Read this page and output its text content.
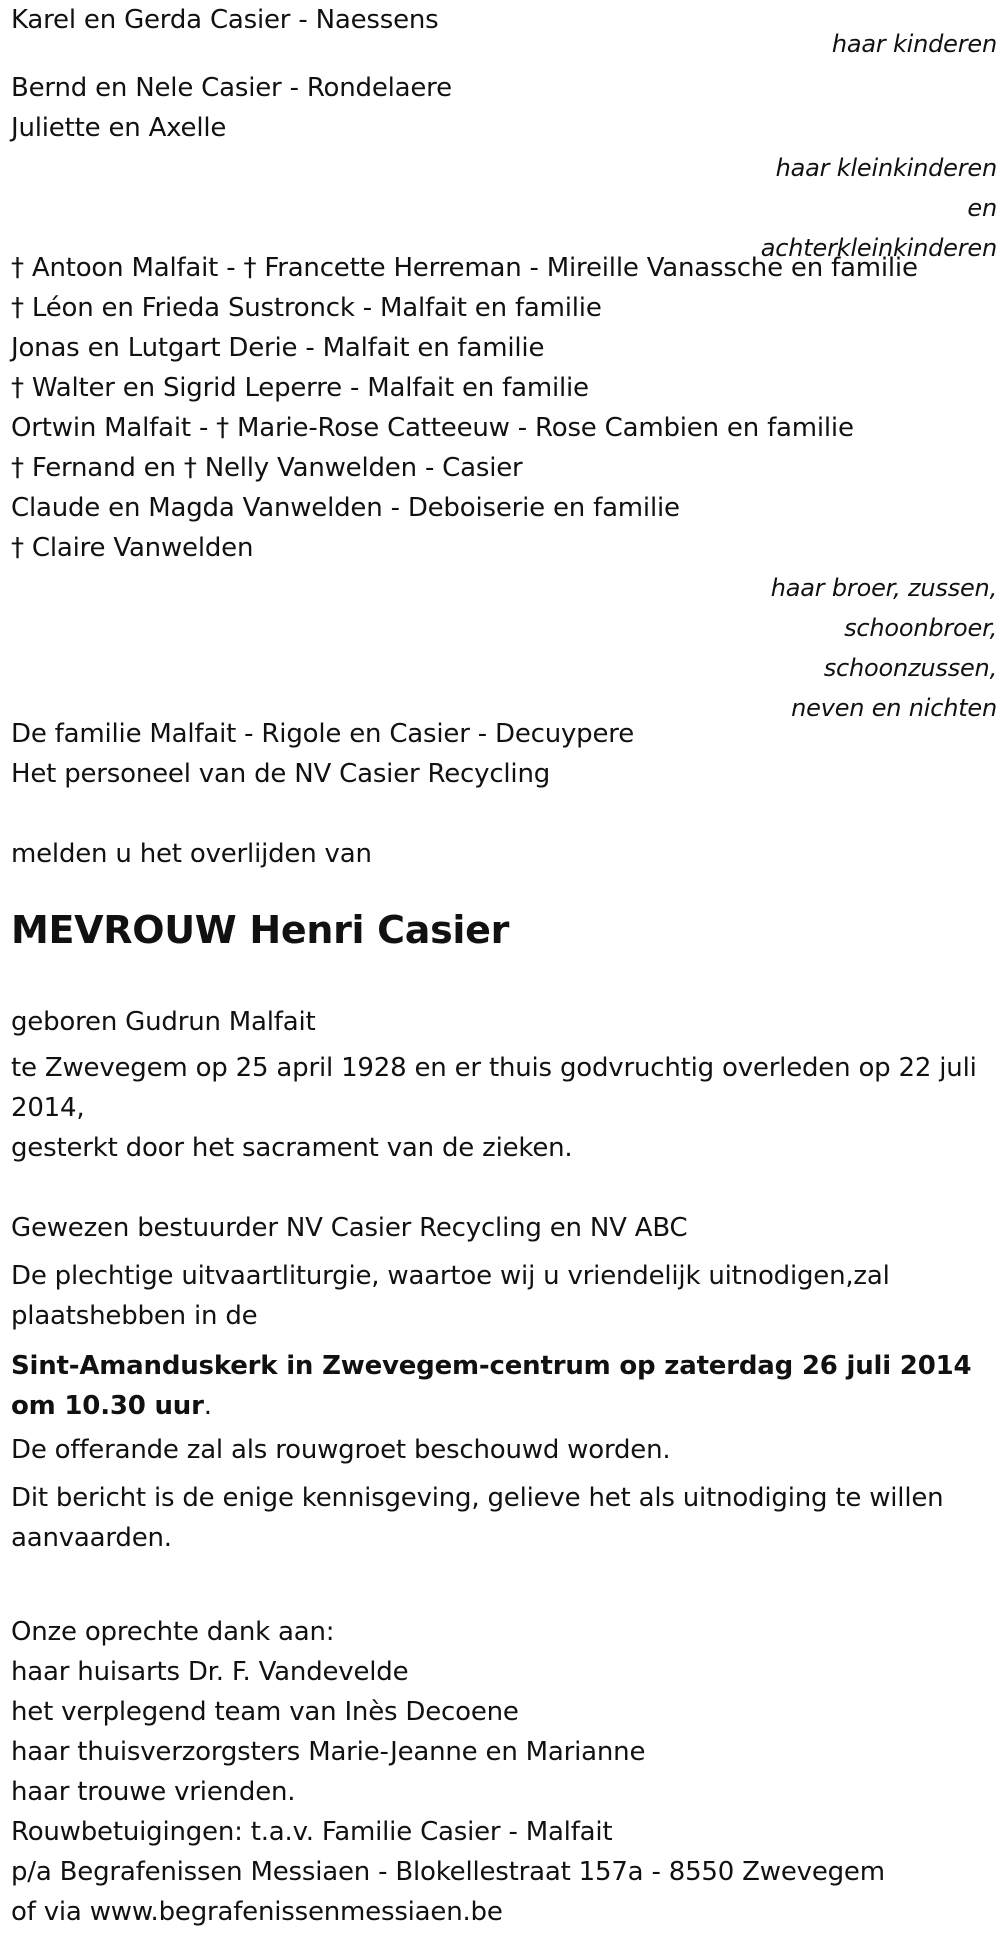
Karel en Gerda Casier - Naessens
haar kinderen
Bernd en Nele Casier - Rondelaere
Juliette en Axelle
haar kleinkinderen
en
achterkleinkinderen
† Antoon Malfait - † Francette Herreman - Mireille Vanassche en familie
† Léon en Frieda Sustronck - Malfait en familie
Jonas en Lutgart Derie - Malfait en familie
† Walter en Sigrid Leperre - Malfait en familie
Ortwin Malfait - † Marie-Rose Catteeuw - Rose Cambien en familie
† Fernand en † Nelly Vanwelden - Casier
Claude en Magda Vanwelden - Deboiserie en familie
† Claire Vanwelden
haar broer, zussen,
schoonbroer,
schoonzussen,
neven en nichten
De familie Malfait - Rigole en Casier - Decuypere
Het personeel van de NV Casier Recycling
melden u het overlijden van
MEVROUW Henri Casier
geboren Gudrun Malfait
te Zwevegem op 25 april 1928 en er thuis godvruchtig overleden op 22 juli 2014,
gesterkt door het sacrament van de zieken.
Gewezen bestuurder NV Casier Recycling en NV ABC
De plechtige uitvaartliturgie, waartoe wij u vriendelijk uitnodigen,zal plaatshebben in de
Sint-Amanduskerk in Zwevegem-centrum op zaterdag 26 juli 2014 om 10.30 uur.
De offerande zal als rouwgroet beschouwd worden.
Dit bericht is de enige kennisgeving, gelieve het als uitnodiging te willen aanvaarden.
Onze oprechte dank aan:
haar huisarts Dr. F. Vandevelde
het verplegend team van Inès Decoene
haar thuisverzorgsters Marie-Jeanne en Marianne
haar trouwe vrienden.
Rouwbetuigingen: t.a.v. Familie Casier - Malfait
p/a Begrafenissen Messiaen - Blokellestraat 157a - 8550 Zwevegem
of via www.begrafenissenmessiaen.be
